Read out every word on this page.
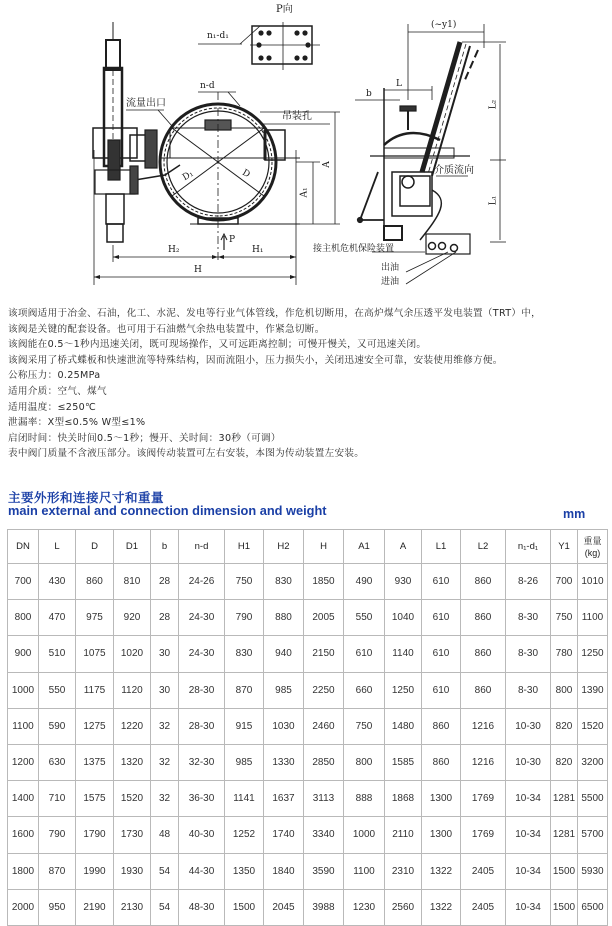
P向
n₁-d₁
n-d
流量出口
吊装孔
D₁	D
A
A₁
P
H₂	H₁
H
(~y1)
L
b
L₂
L₁
介质流向
接主机危机保险装置
出油
进油

该项阀适用于冶金、石油，化工、水泥、发电等行业气体管线，作危机切断用，在高炉煤气余压透平发电装置（TRT）中，

该阀是关键的配套设备。也可用于石油燃气余热电装置中，作紧急切断。

该阀能在0.5～1秒内迅速关闭，既可现场操作，又可远距离控制；可慢开慢关，又可迅速关闭。

该阀采用了桥式蝶板和快速泄流等特殊结构，因而流阻小，压力损失小，关闭迅速安全可靠，安装使用维修方便。

公称压力：0.25MPa

适用介质：空气、煤气

适用温度：≤250℃

泄漏率：X型≤0.5% W型≤1%

启闭时间：快关时间0.5～1秒；慢开、关时间：30秒（可调）

表中阀门质量不含液压部分。该阀传动装置可左右安装，本图为传动装置左安装。

主要外形和连接尺寸和重量
main external and connection dimension and weight	mm
DN	L	D	D1	b	n-d	H1	H2	H	A1	A	L1	L2	n₁-d₁	Y1	重量
(kg)

700	430	860	810	28	24-26	750	830	1850	490	930	610	860	8-26	700	1010
800	470	975	920	28	24-30	790	880	2005	550	1040	610	860	8-30	750	1100
900	510	1075	1020	30	24-30	830	940	2150	610	1140	610	860	8-30	780	1250
1000	550	1175	1120	30	28-30	870	985	2250	660	1250	610	860	8-30	800	1390
1100	590	1275	1220	32	28-30	915	1030	2460	750	1480	860	1216	10-30	820	1520
1200	630	1375	1320	32	32-30	985	1330	2850	800	1585	860	1216	10-30	820	3200
1400	710	1575	1520	32	36-30	1141	1637	3113	888	1868	1300	1769	10-34	1281	5500
1600	790	1790	1730	48	40-30	1252	1740	3340	1000	2110	1300	1769	10-34	1281	5700
1800	870	1990	1930	54	44-30	1350	1840	3590	1100	2310	1322	2405	10-34	1500	5930
2000	950	2190	2130	54	48-30	1500	2045	3988	1230	2560	1322	2405	10-34	1500	6500
